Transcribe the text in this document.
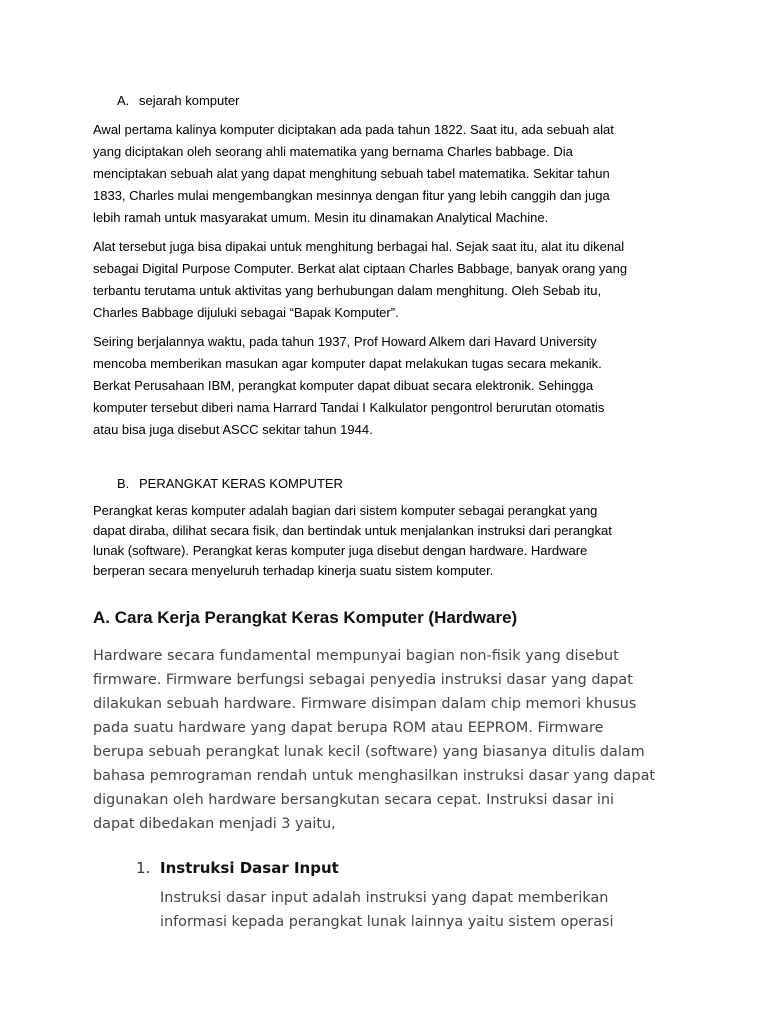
A. sejarah komputer
Awal pertama kalinya komputer diciptakan ada pada tahun 1822. Saat itu, ada sebuah alat
yang diciptakan oleh seorang ahli matematika yang bernama Charles babbage. Dia
menciptakan sebuah alat yang dapat menghitung sebuah tabel matematika. Sekitar tahun
1833, Charles mulai mengembangkan mesinnya dengan fitur yang lebih canggih dan juga
lebih ramah untuk masyarakat umum. Mesin itu dinamakan Analytical Machine.
Alat tersebut juga bisa dipakai untuk menghitung berbagai hal. Sejak saat itu, alat itu dikenal
sebagai Digital Purpose Computer. Berkat alat ciptaan Charles Babbage, banyak orang yang
terbantu terutama untuk aktivitas yang berhubungan dalam menghitung. Oleh Sebab itu,
Charles Babbage dijuluki sebagai “Bapak Komputer”.
Seiring berjalannya waktu, pada tahun 1937, Prof Howard Alkem dari Havard University
mencoba memberikan masukan agar komputer dapat melakukan tugas secara mekanik.
Berkat Perusahaan IBM, perangkat komputer dapat dibuat secara elektronik. Sehingga
komputer tersebut diberi nama Harrard Tandai I Kalkulator pengontrol berurutan otomatis
atau bisa juga disebut ASCC sekitar tahun 1944.
B. PERANGKAT KERAS KOMPUTER
Perangkat keras komputer adalah bagian dari sistem komputer sebagai perangkat yang
dapat diraba, dilihat secara fisik, dan bertindak untuk menjalankan instruksi dari perangkat
lunak (software). Perangkat keras komputer juga disebut dengan hardware. Hardware
berperan secara menyeluruh terhadap kinerja suatu sistem komputer.
A. Cara Kerja Perangkat Keras Komputer (Hardware)
Hardware secara fundamental mempunyai bagian non-fisik yang disebut
firmware. Firmware berfungsi sebagai penyedia instruksi dasar yang dapat
dilakukan sebuah hardware. Firmware disimpan dalam chip memori khusus
pada suatu hardware yang dapat berupa ROM atau EEPROM. Firmware
berupa sebuah perangkat lunak kecil (software) yang biasanya ditulis dalam
bahasa pemrograman rendah untuk menghasilkan instruksi dasar yang dapat
digunakan oleh hardware bersangkutan secara cepat. Instruksi dasar ini
dapat dibedakan menjadi 3 yaitu,
1. Instruksi Dasar Input

Instruksi dasar input adalah instruksi yang dapat memberikan
informasi kepada perangkat lunak lainnya yaitu sistem operasi
